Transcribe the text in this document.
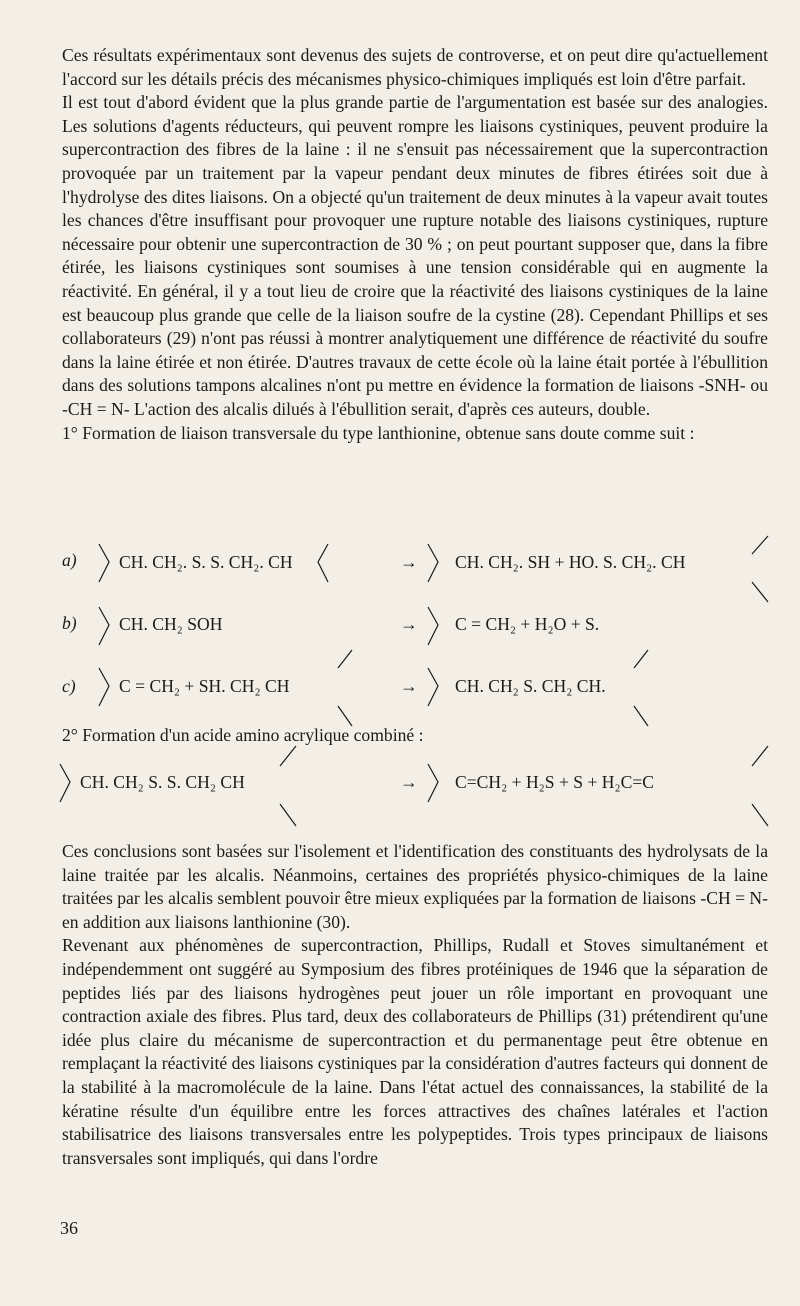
Ces résultats expérimentaux sont devenus des sujets de controverse, et on peut dire qu'actuellement l'accord sur les détails précis des mécanismes physico-chimiques impliqués est loin d'être parfait.

Il est tout d'abord évident que la plus grande partie de l'argumentation est basée sur des analogies. Les solutions d'agents réducteurs, qui peuvent rompre les liaisons cystiniques, peuvent produire la supercontraction des fibres de la laine : il ne s'ensuit pas nécessairement que la supercontraction provoquée par un traitement par la vapeur pendant deux minutes de fibres étirées soit due à l'hydrolyse des dites liaisons. On a objecté qu'un traitement de deux minutes à la vapeur avait toutes les chances d'être insuffisant pour provoquer une rupture notable des liaisons cystiniques, rupture nécessaire pour obtenir une supercontraction de 30 % ; on peut pourtant supposer que, dans la fibre étirée, les liaisons cystiniques sont soumises à une tension considérable qui en augmente la réactivité. En général, il y a tout lieu de croire que la réactivité des liaisons cystiniques de la laine est beaucoup plus grande que celle de la liaison soufre de la cystine (28). Cependant Phillips et ses collaborateurs (29) n'ont pas réussi à montrer analytiquement une différence de réactivité du soufre dans la laine étirée et non étirée. D'autres travaux de cette école où la laine était portée à l'ébullition dans des solutions tampons alcalines n'ont pu mettre en évidence la formation de liaisons -SNH- ou -CH = N- L'action des alcalis dilués à l'ébullition serait, d'après ces auteurs, double.

1° Formation de liaison transversale du type lanthionine, obtenue sans doute comme suit :

a) CH. CH₂. S. S. CH₂. CH	→ CH. CH₂. SH + HO. S. CH₂. CH
b) CH. CH₂ SOH	→ C = CH₂ + H₂O + S.
c) C = CH₂ + SH. CH₂ CH	→ CH. CH₂ S. CH₂ CH.

2° Formation d'un acide amino acrylique combiné :

CH. CH₂ S. S. CH₂ CH	→ C=CH₂ + H₂S + S + H₂C=C

Ces conclusions sont basées sur l'isolement et l'identification des constituants des hydrolysats de la laine traitée par les alcalis. Néanmoins, certaines des propriétés physico-chimiques de la laine traitées par les alcalis semblent pouvoir être mieux expliquées par la formation de liaisons -CH = N- en addition aux liaisons lanthionine (30).

Revenant aux phénomènes de supercontraction, Phillips, Rudall et Stoves simultanément et indépendemment ont suggéré au Symposium des fibres protéiniques de 1946 que la séparation de peptides liés par des liaisons hydrogènes peut jouer un rôle important en provoquant une contraction axiale des fibres. Plus tard, deux des collaborateurs de Phillips (31) prétendirent qu'une idée plus claire du mécanisme de supercontraction et du permanentage peut être obtenue en remplaçant la réactivité des liaisons cystiniques par la considération d'autres facteurs qui donnent de la stabilité à la macromolécule de la laine. Dans l'état actuel des connaissances, la stabilité de la kératine résulte d'un équilibre entre les forces attractives des chaînes latérales et l'action stabilisatrice des liaisons transversales entre les polypeptides. Trois types principaux de liaisons transversales sont impliqués, qui dans l'ordre

36
